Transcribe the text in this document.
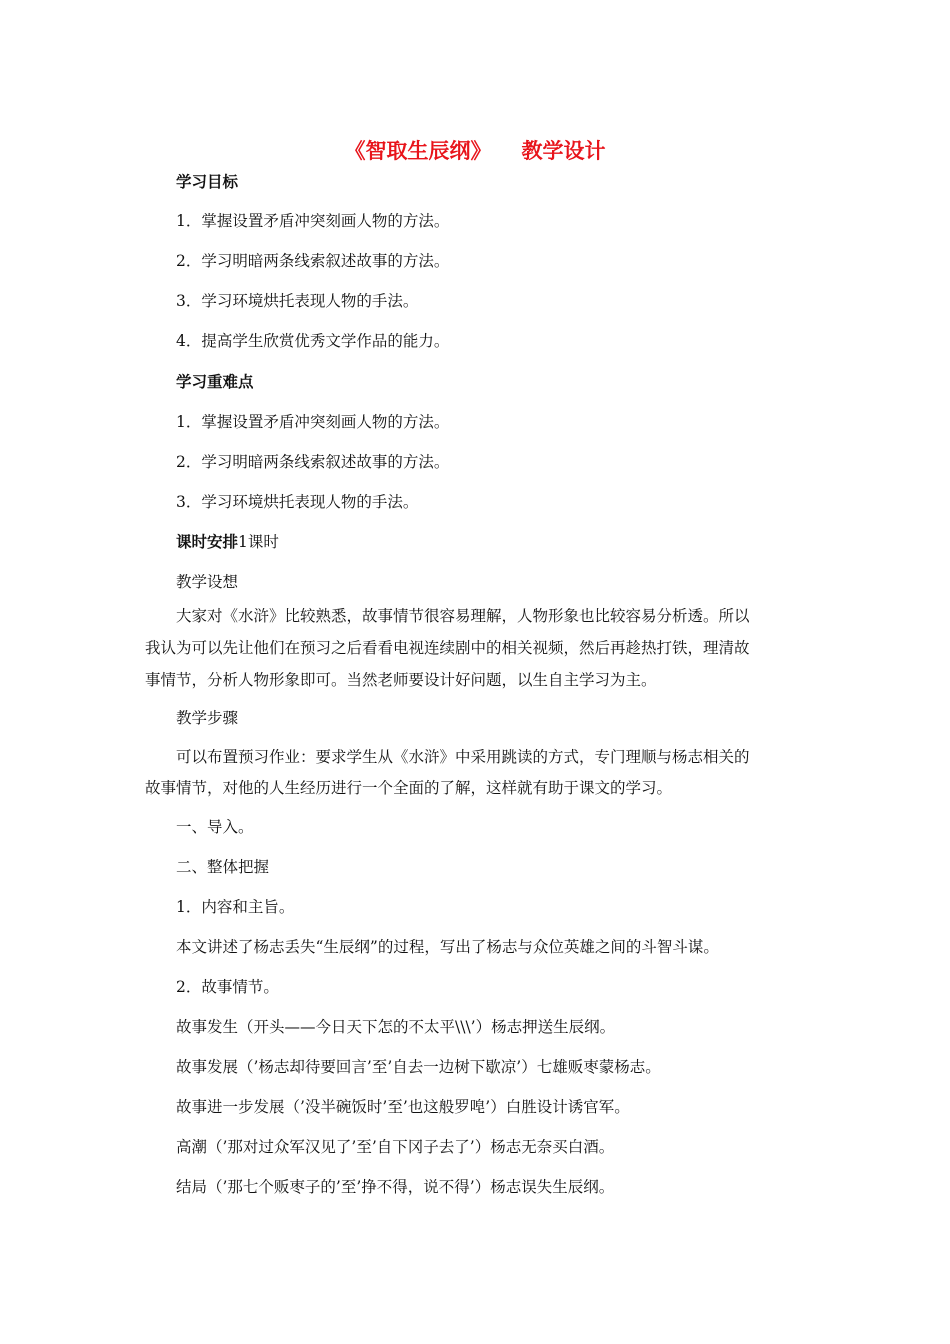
《智取生辰纲》 教学设计
学习目标
1．掌握设置矛盾冲突刻画人物的方法。
2．学习明暗两条线索叙述故事的方法。
3．学习环境烘托表现人物的手法。
4．提高学生欣赏优秀文学作品的能力。
学习重难点
1．掌握设置矛盾冲突刻画人物的方法。
2．学习明暗两条线索叙述故事的方法。
3．学习环境烘托表现人物的手法。
课时安排1课时
教学设想
大家对《水浒》比较熟悉，故事情节很容易理解，人物形象也比较容易分析透。所以
我认为可以先让他们在预习之后看看电视连续剧中的相关视频，然后再趁热打铁，理清故
事情节，分析人物形象即可。当然老师要设计好问题，以生自主学习为主。
教学步骤
可以布置预习作业：要求学生从《水浒》中采用跳读的方式，专门理顺与杨志相关的
故事情节，对他的人生经历进行一个全面的了解，这样就有助于课文的学习。
一、导入。
二、整体把握
1．内容和主旨。
本文讲述了杨志丢失“生辰纲”的过程，写出了杨志与众位英雄之间的斗智斗谋。
2．故事情节。
故事发生（开头——今日天下怎的不太平\\\’）杨志押送生辰纲。
故事发展（’杨志却待要回言’至’自去一边树下歇凉’）七雄贩枣蒙杨志。
故事进一步发展（’没半碗饭时’至’也这般罗唣’）白胜设计诱官军。
高潮（’那对过众军汉见了’至’自下冈子去了’）杨志无奈买白酒。
结局（’那七个贩枣子的’至’挣不得，说不得’）杨志误失生辰纲。
